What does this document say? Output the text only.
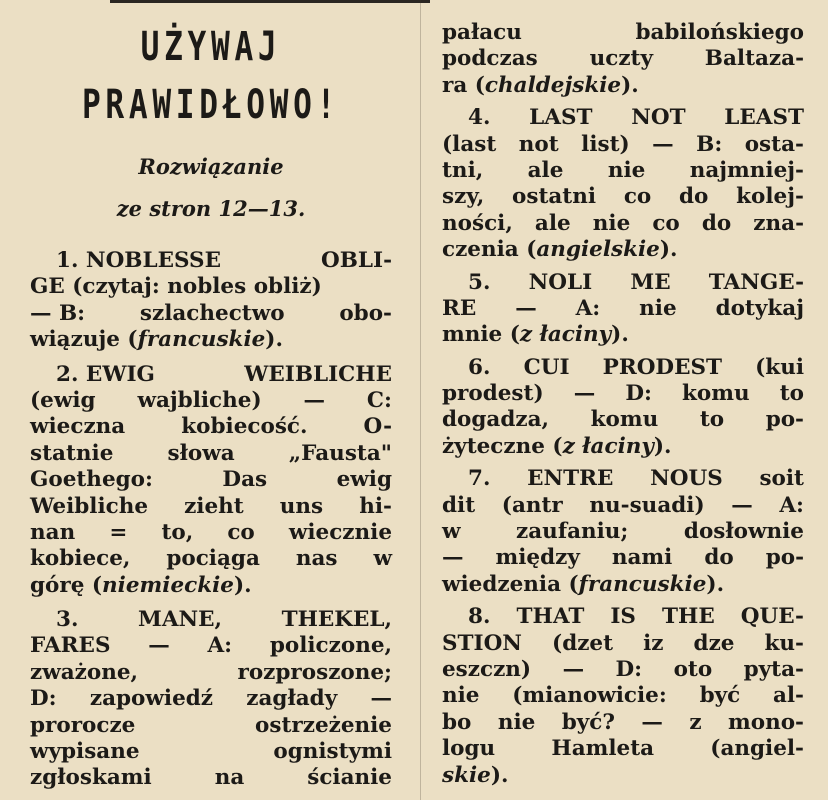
UŻYWAJ
PRAWIDŁOWO!
Rozwiązanie
ze stron 12—13.
1. NOBLESSE	OBLI-
GE (czytaj: nobles obliż)
— B:	szlachectwo	obo-
wiązuje (francuskie).
2. EWIG	WEIBLICHE
(ewig wajbliche) — C:
wieczna	kobiecość.	O-
statnie	słowa	„Fausta"
Goethego:	Das	ewig
Weibliche zieht uns hi-
nan = to, co wiecznie
kobiece, pociąga nas w
górę (niemieckie).
3.	MANE,	THEKEL,
FARES — A: policzone,
zważone,	rozproszone;
D: zapowiedź zagłady —
prorocze	ostrzeżenie
wypisane	ognistymi
zgłoskami	na	ścianie
pałacu	babilońskiego
podczas uczty Baltaza-
ra (chaldejskie).
4. LAST NOT LEAST
(last not list) — B: osta-
tni, ale nie najmniej-
szy, ostatni co do kolej-
ności, ale nie co do zna-
czenia (angielskie).
5. NOLI ME TANGE-
RE — A: nie dotykaj
mnie (z łaciny).
6. CUI PRODEST (kui
prodest) — D: komu to
dogadza, komu to po-
żyteczne (z łaciny).
7. ENTRE NOUS soit
dit (antr nu-suadi) — A:
w	zaufaniu;	dosłownie
— między nami do po-
wiedzenia (francuskie).
8. THAT IS THE QUE-
STION (dzet iz dze ku-
eszczn) — D: oto pyta-
nie (mianowicie: być al-
bo nie być? — z mono-
logu	Hamleta	(angiel-
skie).
